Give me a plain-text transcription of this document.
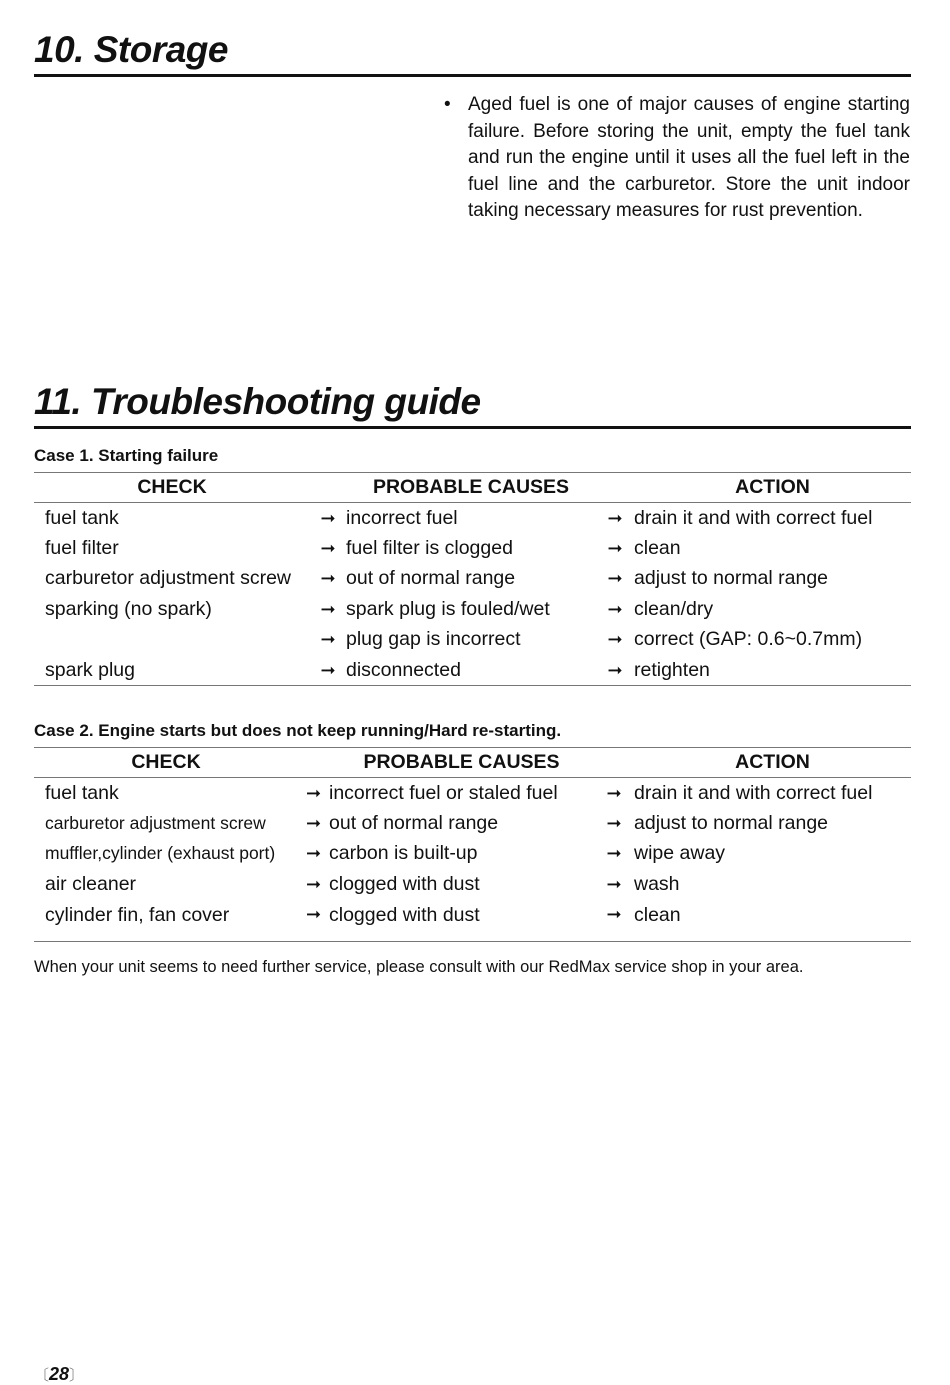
10. Storage
• Aged fuel is one of major causes of engine starting failure. Before storing the unit, empty the fuel tank and run the engine until it uses all the fuel left in the fuel line and the carburetor. Store the unit indoor taking necessary measures for rust prevention.
11. Troubleshooting guide
Case 1. Starting failure
CHECK		PROBABLE CAUSES		ACTION
fuel tank	➞	incorrect fuel	➞	drain it and with correct fuel
fuel filter	➞	fuel filter is clogged	➞	clean
carburetor adjustment screw	➞	out of normal range	➞	adjust to normal range
sparking (no spark)	➞	spark plug is fouled/wet	➞	clean/dry
	➞	plug gap is incorrect	➞	correct (GAP: 0.6~0.7mm)
spark plug	➞	disconnected	➞	retighten
Case 2. Engine starts but does not keep running/Hard re-starting.
CHECK		PROBABLE CAUSES		ACTION
fuel tank	➞	incorrect fuel or staled fuel	➞	drain it and with correct fuel
carburetor adjustment screw	➞	out of normal range	➞	adjust to normal range
muffler,cylinder (exhaust port)	➞	carbon is built-up	➞	wipe away
air cleaner	➞	clogged with dust	➞	wash
cylinder fin, fan cover	➞	clogged with dust	➞	clean
When your unit seems to need further service, please consult with our RedMax service shop in your area.
〔28〕
